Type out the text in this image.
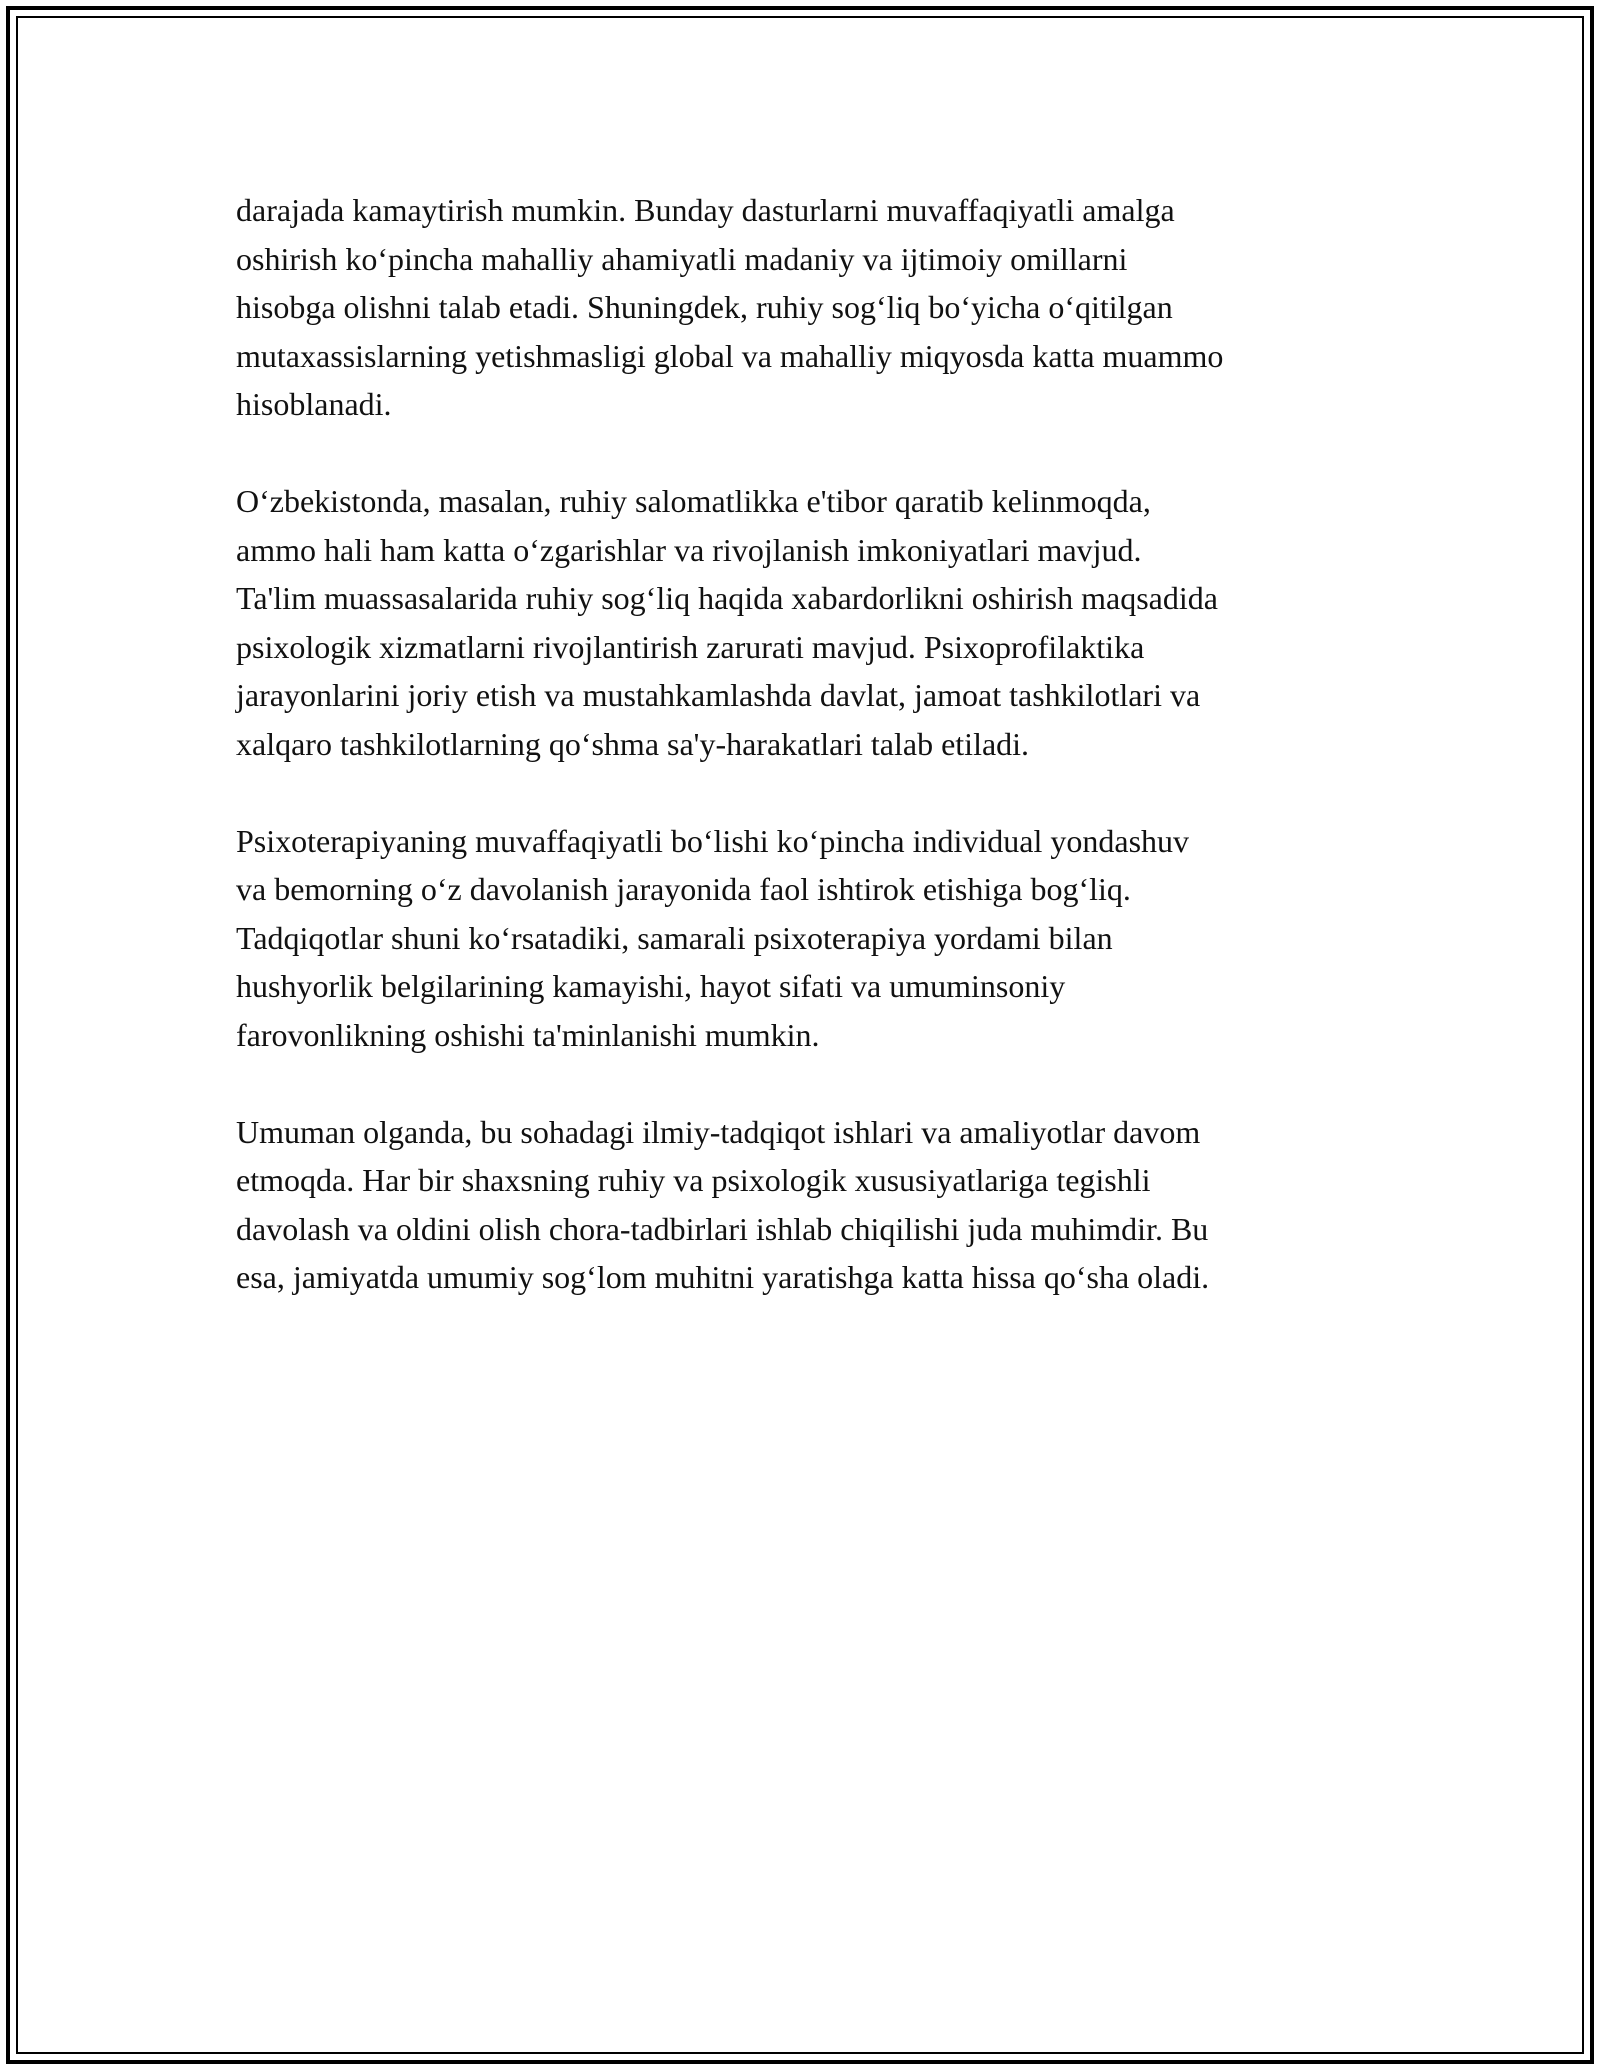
darajada kamaytirish mumkin. Bunday dasturlarni muvaffaqiyatli amalga
oshirish ko‘pincha mahalliy ahamiyatli madaniy va ijtimoiy omillarni
hisobga olishni talab etadi. Shuningdek, ruhiy sog‘liq bo‘yicha o‘qitilgan
mutaxassislarning yetishmasligi global va mahalliy miqyosda katta muammo
hisoblanadi.

O‘zbekistonda, masalan, ruhiy salomatlikka e'tibor qaratib kelinmoqda,
ammo hali ham katta o‘zgarishlar va rivojlanish imkoniyatlari mavjud.
Ta'lim muassasalarida ruhiy sog‘liq haqida xabardorlikni oshirish maqsadida
psixologik xizmatlarni rivojlantirish zarurati mavjud. Psixoprofilaktika
jarayonlarini joriy etish va mustahkamlashda davlat, jamoat tashkilotlari va
xalqaro tashkilotlarning qo‘shma sa'y-harakatlari talab etiladi.

Psixoterapiyaning muvaffaqiyatli bo‘lishi ko‘pincha individual yondashuv
va bemorning o‘z davolanish jarayonida faol ishtirok etishiga bog‘liq.
Tadqiqotlar shuni ko‘rsatadiki, samarali psixoterapiya yordami bilan
hushyorlik belgilarining kamayishi, hayot sifati va umuminsoniy
farovonlikning oshishi ta'minlanishi mumkin.

Umuman olganda, bu sohadagi ilmiy-tadqiqot ishlari va amaliyotlar davom
etmoqda. Har bir shaxsning ruhiy va psixologik xususiyatlariga tegishli
davolash va oldini olish chora-tadbirlari ishlab chiqilishi juda muhimdir. Bu
esa, jamiyatda umumiy sog‘lom muhitni yaratishga katta hissa qo‘sha oladi.
